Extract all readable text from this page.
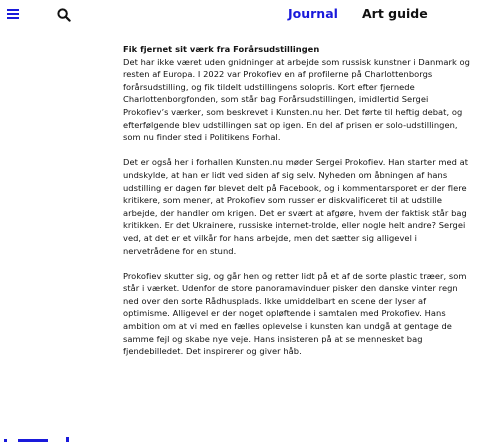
Journal Art guide
Fik fjernet sit værk fra Forårsudstillingen

Det har ikke været uden gnidninger at arbejde som russisk kunstner i Danmark og resten af Europa. I 2022 var Prokofiev en af profilerne på Charlottenborgs forårsudstilling, og fik tildelt udstillingens solopris. Kort efter fjernede Charlottenborgfonden, som står bag Forårsudstillingen, imidlertid Sergei Prokofiev’s værker, som beskrevet i Kunsten.nu her. Det førte til heftig debat, og efterfølgende blev udstillingen sat op igen. En del af prisen er solo-udstillingen, som nu finder sted i Politikens Forhal.

Det er også her i forhallen Kunsten.nu møder Sergei Prokofiev. Han starter med at undskylde, at han er lidt ved siden af sig selv. Nyheden om åbningen af hans udstilling er dagen før blevet delt på Facebook, og i kommentarsporet er der flere kritikere, som mener, at Prokofiev som russer er diskvalificeret til at udstille arbejde, der handler om krigen. Det er svært at afgøre, hvem der faktisk står bag kritikken. Er det Ukrainere, russiske internet-trolde, eller nogle helt andre? Sergei ved, at det er et vilkår for hans arbejde, men det sætter sig alligevel i nervetrådene for en stund.

Prokofiev skutter sig, og går hen og retter lidt på et af de sorte plastic træer, som står i værket. Udenfor de store panoramavinduer pisker den danske vinter regn ned over den sorte Rådhusplads. Ikke umiddelbart en scene der lyser af optimisme. Alligevel er der noget opløftende i samtalen med Prokofiev. Hans ambition om at vi med en fælles oplevelse i kunsten kan undgå at gentage de samme fejl og skabe nye veje. Hans insisteren på at se mennesket bag fjendebilledet. Det inspirerer og giver håb.
